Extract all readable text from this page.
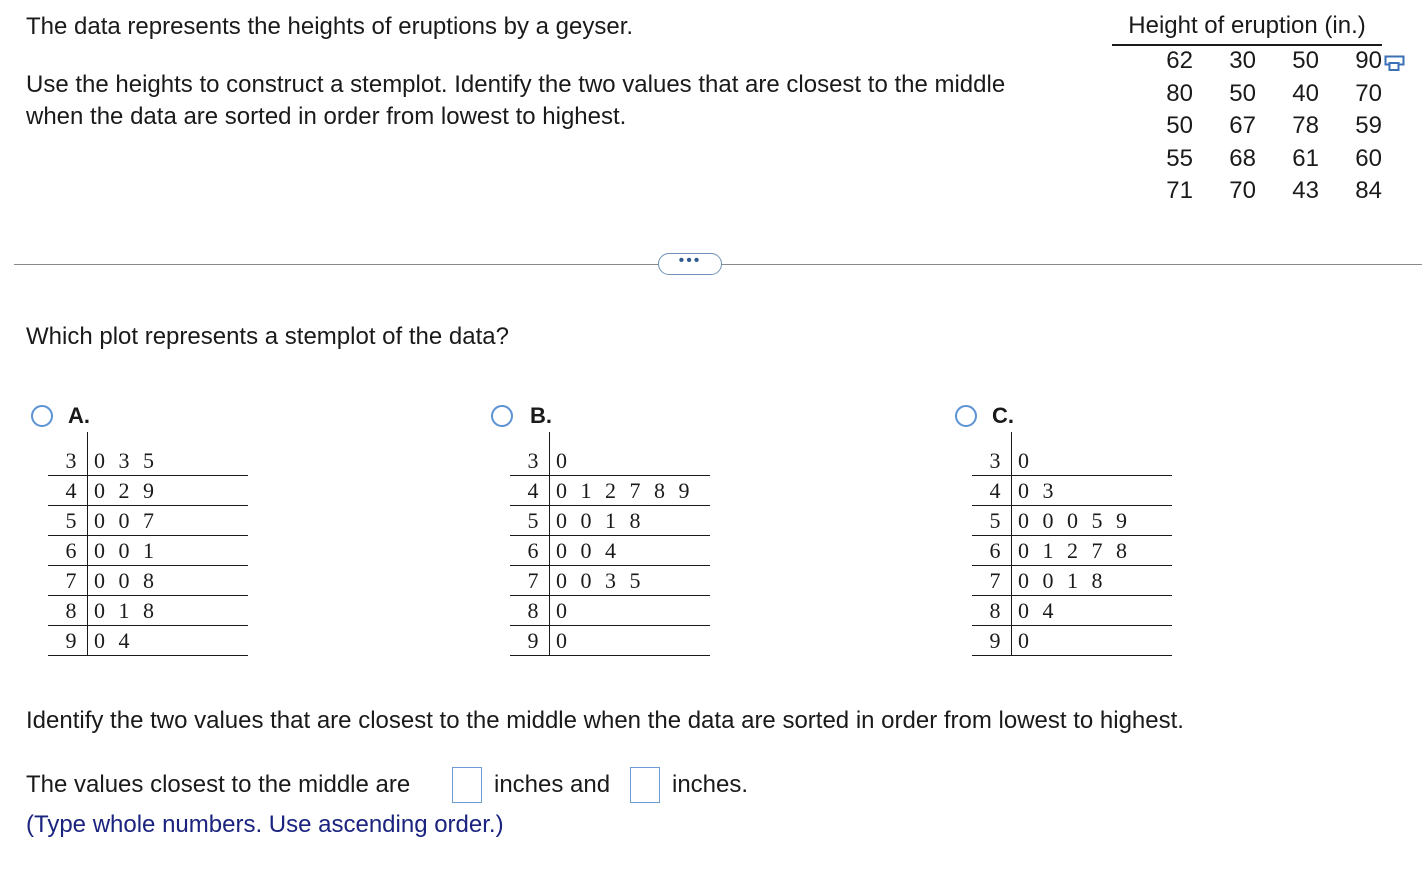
The data represents the heights of eruptions by a geyser.
Use the heights to construct a stemplot. Identify the two values that are closest to the middle
when the data are sorted in order from lowest to highest.
Height of eruption (in.)
62	30	50	90
80	50	40	70
50	67	78	59
55	68	61	60
71	70	43	84
•••
Which plot represents a stemplot of the data?
A.
3 0 3 5
4 0 2 9
5 0 0 7
6 0 0 1
7 0 0 8
8 0 1 8
9 0 4
B.
3 0
4 0 1 2 7 8 9
5 0 0 1 8
6 0 0 4
7 0 0 3 5
8 0
9 0
C.
3 0
4 0 3
5 0 0 0 5 9
6 0 1 2 7 8
7 0 0 1 8
8 0 4
9 0
Identify the two values that are closest to the middle when the data are sorted in order from lowest to highest.
The values closest to the middle are	inches and	inches.
(Type whole numbers. Use ascending order.)
